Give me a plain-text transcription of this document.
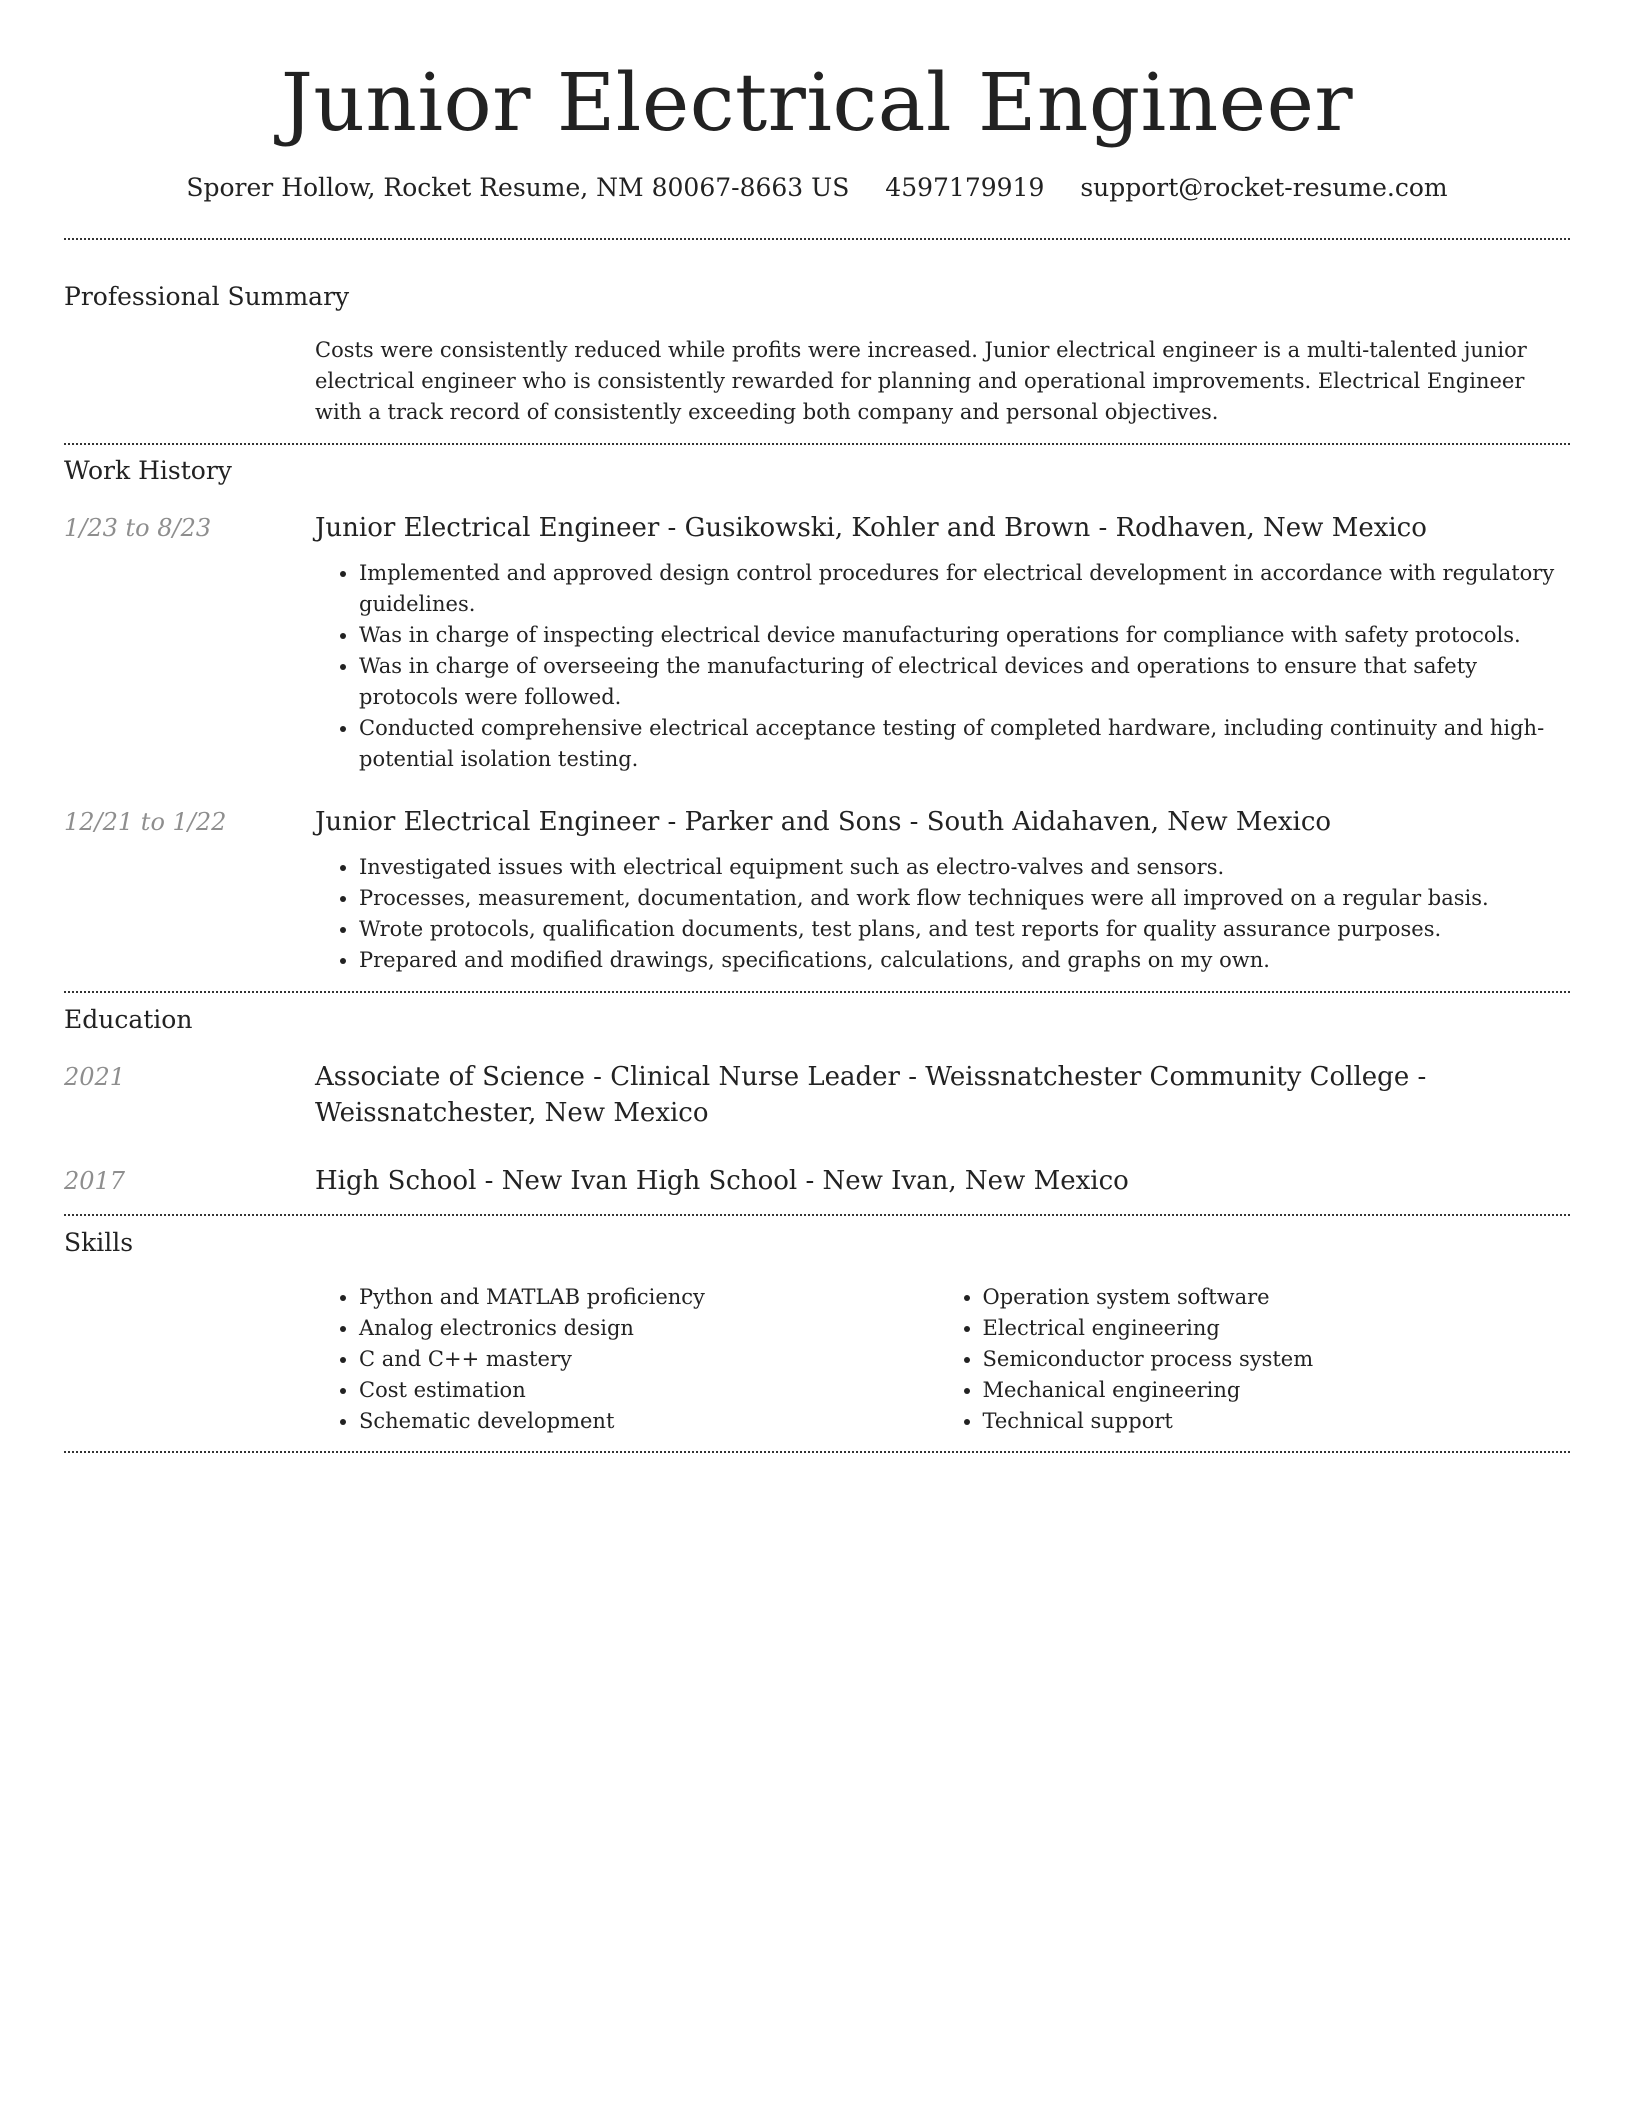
Junior Electrical Engineer
Sporer Hollow, Rocket Resume, NM 80067-8663 US 4597179919 support@rocket-resume.com
Professional Summary

Costs were consistently reduced while profits were increased. Junior electrical engineer is a multi-talented junior electrical engineer who is consistently rewarded for planning and operational improvements. Electrical Engineer with a track record of consistently exceeding both company and personal objectives.

Work History
1/23 to 8/23	Junior Electrical Engineer - Gusikowski, Kohler and Brown - Rodhaven, New Mexico

• Implemented and approved design control procedures for electrical development in accordance with regulatory guidelines.
• Was in charge of inspecting electrical device manufacturing operations for compliance with safety protocols.
• Was in charge of overseeing the manufacturing of electrical devices and operations to ensure that safety protocols were followed.
• Conducted comprehensive electrical acceptance testing of completed hardware, including continuity and high-potential isolation testing.
12/21 to 1/22	Junior Electrical Engineer - Parker and Sons - South Aidahaven, New Mexico

• Investigated issues with electrical equipment such as electro-valves and sensors.
• Processes, measurement, documentation, and work flow techniques were all improved on a regular basis.
• Wrote protocols, qualification documents, test plans, and test reports for quality assurance purposes.
• Prepared and modified drawings, specifications, calculations, and graphs on my own.
Education
2021	Associate of Science - Clinical Nurse Leader - Weissnatchester Community College - Weissnatchester, New Mexico

2017	High School - New Ivan High School - New Ivan, New Mexico

Skills
• Python and MATLAB proficiency
• Analog electronics design
• C and C++ mastery
• Cost estimation
• Schematic development
• Operation system software
• Electrical engineering
• Semiconductor process system
• Mechanical engineering
• Technical support
